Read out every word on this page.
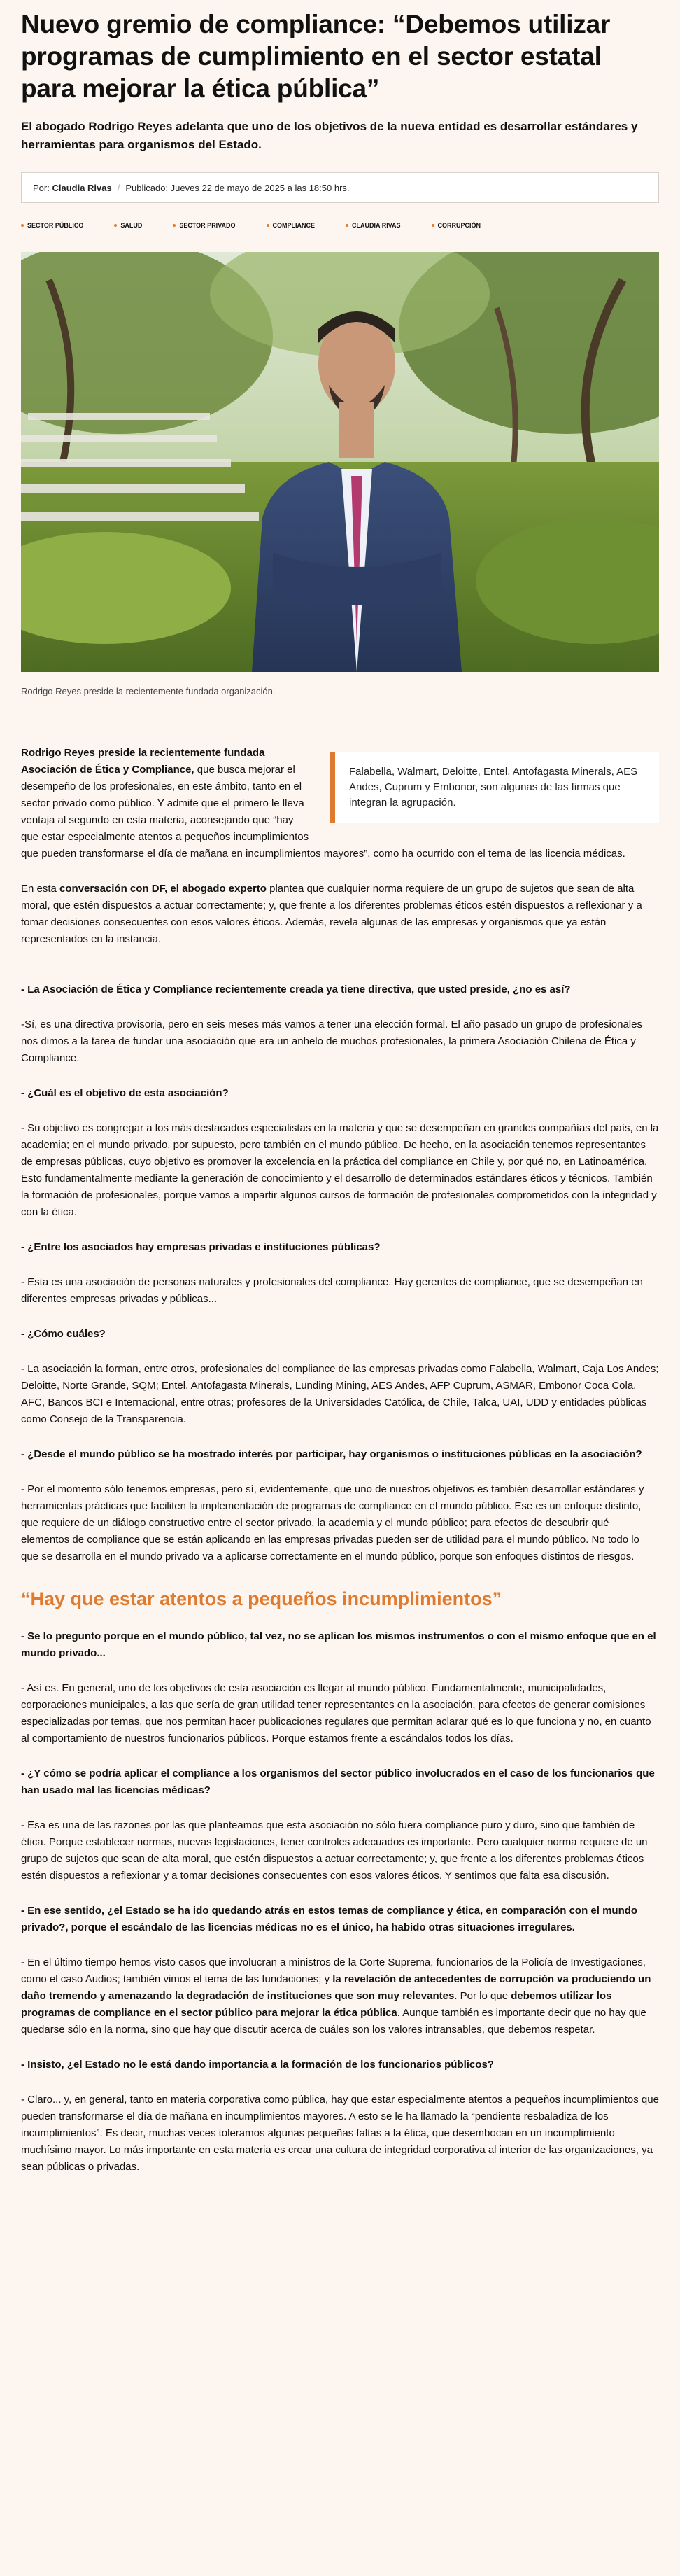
Nuevo gremio de compliance: “Debemos utilizar programas de cumplimiento en el sector estatal para mejorar la ética pública”

El abogado Rodrigo Reyes adelanta que uno de los objetivos de la nueva entidad es desarrollar estándares y herramientas para organismos del Estado.

Por:
Claudia Rivas / Publicado: Jueves 22 de mayo de 2025 a las 18:50 hrs.
SECTOR PÚBLICO	SALUD	SECTOR PRIVADO	COMPLIANCE	CLAUDIA RIVAS	CORRUPCIÓN

Rodrigo Reyes preside la recientemente fundada organización.

Falabella, Walmart, Deloitte, Entel, Antofagasta Minerals, AES Andes, Cuprum y Embonor, son algunas de las firmas que integran la agrupación.

Rodrigo Reyes preside la recientemente fundada Asociación de Ética y Compliance, que busca mejorar el desempeño de los profesionales, en este ámbito, tanto en el sector privado como público. Y admite que el primero le lleva ventaja al segundo en esta materia, aconsejando que “hay que estar especialmente atentos a pequeños incumplimientos que pueden transformarse el día de mañana en incumplimientos mayores”, como ha ocurrido con el tema de las licencia médicas.

En esta conversación con DF, el abogado experto plantea que cualquier norma requiere de un grupo de sujetos que sean de alta moral, que estén dispuestos a actuar correctamente; y, que frente a los diferentes problemas éticos estén dispuestos a reflexionar y a tomar decisiones consecuentes con esos valores éticos. Además, revela algunas de las empresas y organismos que ya están representados en la instancia.

- La Asociación de Ética y Compliance recientemente creada ya tiene directiva, que usted preside, ¿no es así?

-Sí, es una directiva provisoria, pero en seis meses más vamos a tener una elección formal. El año pasado un grupo de profesionales nos dimos a la tarea de fundar una asociación que era un anhelo de muchos profesionales, la primera Asociación Chilena de Ética y Compliance.

- ¿Cuál es el objetivo de esta asociación?

- Su objetivo es congregar a los más destacados especialistas en la materia y que se desempeñan en grandes compañías del país, en la academia; en el mundo privado, por supuesto, pero también en el mundo público. De hecho, en la asociación tenemos representantes de empresas públicas, cuyo objetivo es promover la excelencia en la práctica del compliance en Chile y, por qué no, en Latinoamérica. Esto fundamentalmente mediante la generación de conocimiento y el desarrollo de determinados estándares éticos y técnicos. También la formación de profesionales, porque vamos a impartir algunos cursos de formación de profesionales comprometidos con la integridad y con la ética.

- ¿Entre los asociados hay empresas privadas e instituciones públicas?

- Esta es una asociación de personas naturales y profesionales del compliance. Hay gerentes de compliance, que se desempeñan en diferentes empresas privadas y públicas...

- ¿Cómo cuáles?

- La asociación la forman, entre otros, profesionales del compliance de las empresas privadas como Falabella, Walmart, Caja Los Andes; Deloitte, Norte Grande, SQM; Entel, Antofagasta Minerals, Lunding Mining, AES Andes, AFP Cuprum, ASMAR, Embonor Coca Cola, AFC, Bancos BCI e Internacional, entre otras; profesores de la Universidades Católica, de Chile, Talca, UAI, UDD y entidades públicas como Consejo de la Transparencia.

- ¿Desde el mundo público se ha mostrado interés por participar, hay organismos o instituciones públicas en la asociación?

- Por el momento sólo tenemos empresas, pero sí, evidentemente, que uno de nuestros objetivos es también desarrollar estándares y herramientas prácticas que faciliten la implementación de programas de compliance en el mundo público. Ese es un enfoque distinto, que requiere de un diálogo constructivo entre el sector privado, la academia y el mundo público; para efectos de descubrir qué elementos de compliance que se están aplicando en las empresas privadas pueden ser de utilidad para el mundo público. No todo lo que se desarrolla en el mundo privado va a aplicarse correctamente en el mundo público, porque son enfoques distintos de riesgos.

“Hay que estar atentos a pequeños incumplimientos”

- Se lo pregunto porque en el mundo público, tal vez, no se aplican los mismos instrumentos o con el mismo enfoque que en el mundo privado...

- Así es. En general, uno de los objetivos de esta asociación es llegar al mundo público. Fundamentalmente, municipalidades, corporaciones municipales, a las que sería de gran utilidad tener representantes en la asociación, para efectos de generar comisiones especializadas por temas, que nos permitan hacer publicaciones regulares que permitan aclarar qué es lo que funciona y no, en cuanto al comportamiento de nuestros funcionarios públicos. Porque estamos frente a escándalos todos los días.

- ¿Y cómo se podría aplicar el compliance a los organismos del sector público involucrados en el caso de los funcionarios que han usado mal las licencias médicas?

- Esa es una de las razones por las que planteamos que esta asociación no sólo fuera compliance puro y duro, sino que también de ética. Porque establecer normas, nuevas legislaciones, tener controles adecuados es importante. Pero cualquier norma requiere de un grupo de sujetos que sean de alta moral, que estén dispuestos a actuar correctamente; y, que frente a los diferentes problemas éticos estén dispuestos a reflexionar y a tomar decisiones consecuentes con esos valores éticos. Y sentimos que falta esa discusión.

- En ese sentido, ¿el Estado se ha ido quedando atrás en estos temas de compliance y ética, en comparación con el mundo privado?, porque el escándalo de las licencias médicas no es el único, ha habido otras situaciones irregulares.

- En el último tiempo hemos visto casos que involucran a ministros de la Corte Suprema, funcionarios de la Policía de Investigaciones, como el caso Audios; también vimos el tema de las fundaciones; y la revelación de antecedentes de corrupción va produciendo un daño tremendo y amenazando la degradación de instituciones que son muy relevantes. Por lo que debemos utilizar los programas de compliance en el sector público para mejorar la ética pública. Aunque también es importante decir que no hay que quedarse sólo en la norma, sino que hay que discutir acerca de cuáles son los valores intransables, que debemos respetar.

- Insisto, ¿el Estado no le está dando importancia a la formación de los funcionarios públicos?

- Claro... y, en general, tanto en materia corporativa como pública, hay que estar especialmente atentos a pequeños incumplimientos que pueden transformarse el día de mañana en incumplimientos mayores. A esto se le ha llamado la “pendiente resbaladiza de los incumplimientos”. Es decir, muchas veces toleramos algunas pequeñas faltas a la ética, que desembocan en un incumplimiento muchísimo mayor. Lo más importante en esta materia es crear una cultura de integridad corporativa al interior de las organizaciones, ya sean públicas o privadas.
